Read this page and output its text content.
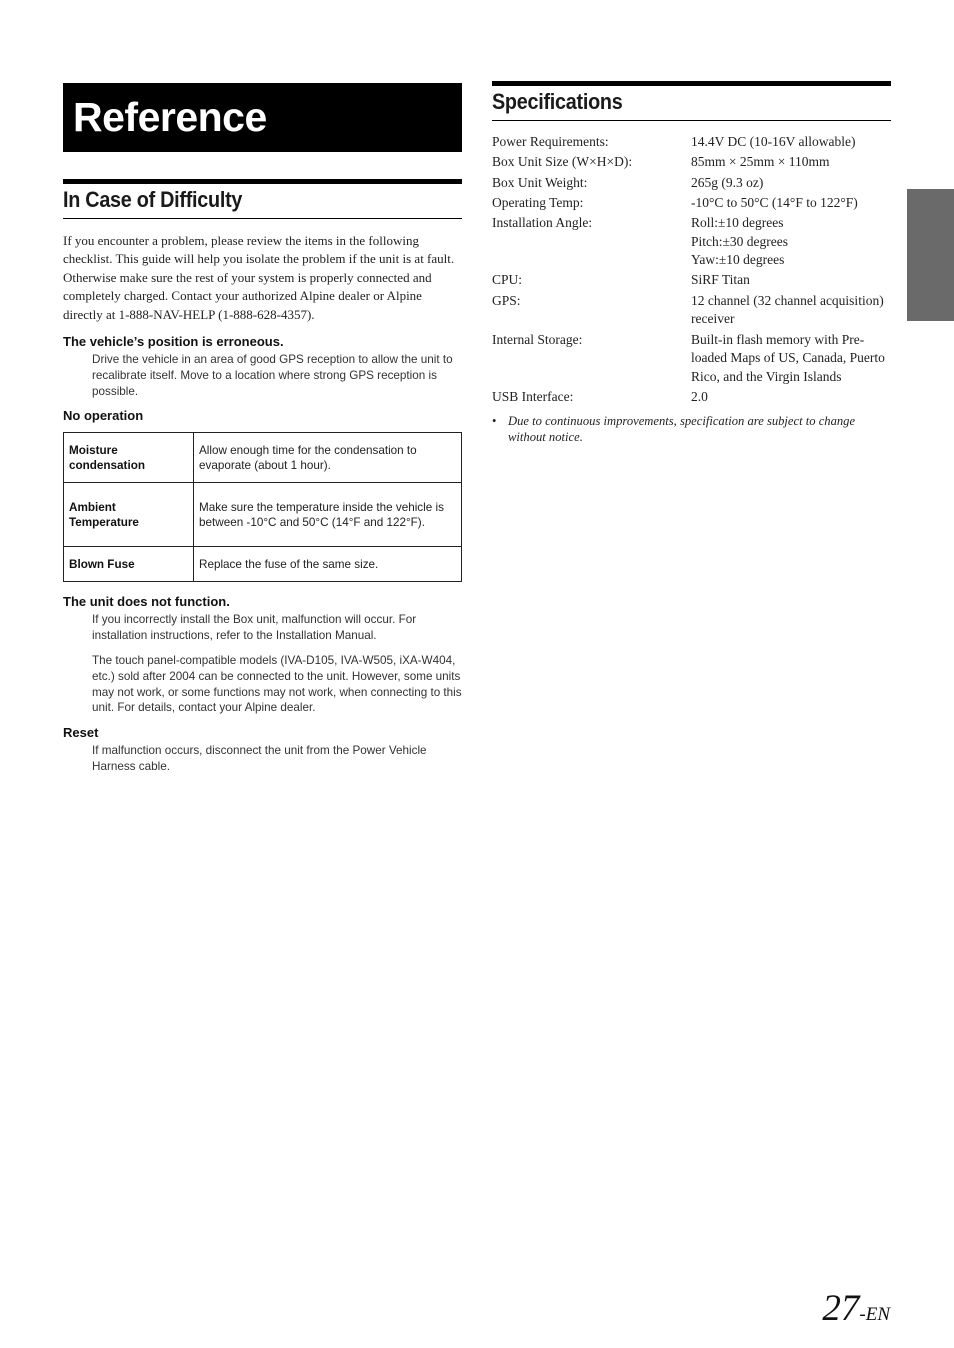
Reference
In Case of Difficulty
If you encounter a problem, please review the items in the following checklist. This guide will help you isolate the problem if the unit is at fault. Otherwise make sure the rest of your system is properly connected and completely charged. Contact your authorized Alpine dealer or Alpine directly at 1-888-NAV-HELP (1-888-628-4357).
The vehicle’s position is erroneous.
Drive the vehicle in an area of good GPS reception to allow the unit to recalibrate itself. Move to a location where strong GPS reception is possible.
No operation
Moisture condensation	Allow enough time for the condensation to evaporate (about 1 hour).
Ambient Temperature	Make sure the temperature inside the vehicle is between -10°C and 50°C (14°F and 122°F).
Blown Fuse	Replace the fuse of the same size.
The unit does not function.
If you incorrectly install the Box unit, malfunction will occur. For installation instructions, refer to the Installation Manual.
The touch panel-compatible models (IVA-D105, IVA-W505, iXA-W404, etc.) sold after 2004 can be connected to the unit. However, some units may not work, or some functions may not work, when connecting to this unit. For details, contact your Alpine dealer.
Reset
If malfunction occurs, disconnect the unit from the Power Vehicle Harness cable.
Specifications
Power Requirements:	14.4V DC (10-16V allowable)
Box Unit Size (W×H×D):	85mm × 25mm × 110mm
Box Unit Weight:	265g (9.3 oz)
Operating Temp:	-10°C to 50°C (14°F to 122°F)
Installation Angle:	Roll:±10 degrees
Pitch:±30 degrees
Yaw:±10 degrees
CPU:	SiRF Titan
GPS:	12 channel (32 channel acquisition) receiver
Internal Storage:	Built-in flash memory with Pre-loaded Maps of US, Canada, Puerto Rico, and the Virgin Islands
USB Interface:	2.0
• Due to continuous improvements, specification are subject to change without notice.
27-EN
